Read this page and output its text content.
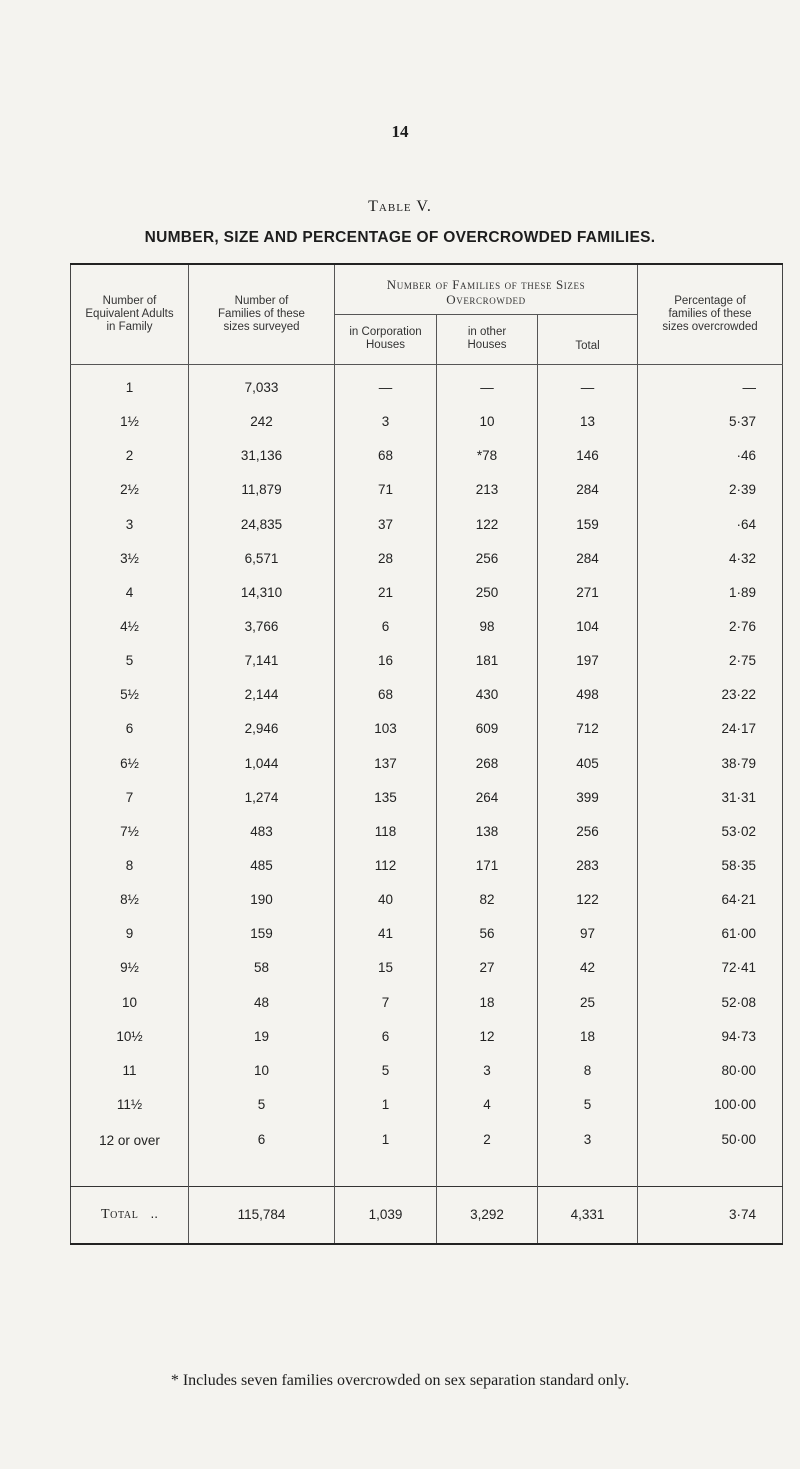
14
Table V.
NUMBER, SIZE AND PERCENTAGE OF OVERCROWDED FAMILIES.
Number of Equivalent Adults in Family	Number of Families of these sizes surveyed	Number of Families of these Sizes Overcrowded			Percentage of families of these sizes overcrowded
		in Corporation Houses	in other Houses	Total	
1	7,033	—	—	—	—
1½	242	3	10	13	5·37
2	31,136	68	*78	146	·46
2½	11,879	71	213	284	2·39
3	24,835	37	122	159	·64
3½	6,571	28	256	284	4·32
4	14,310	21	250	271	1·89
4½	3,766	6	98	104	2·76
5	7,141	16	181	197	2·75
5½	2,144	68	430	498	23·22
6	2,946	103	609	712	24·17
6½	1,044	137	268	405	38·79
7	1,274	135	264	399	31·31
7½	483	118	138	256	53·02
8	485	112	171	283	58·35
8½	190	40	82	122	64·21
9	159	41	56	97	61·00
9½	58	15	27	42	72·41
10	48	7	18	25	52·08
10½	19	6	12	18	94·73
11	10	5	3	8	80·00
11½	5	1	4	5	100·00
12 or over	6	1	2	3	50·00
Total ..	115,784	1,039	3,292	4,331	3·74
* Includes seven families overcrowded on sex separation standard only.
